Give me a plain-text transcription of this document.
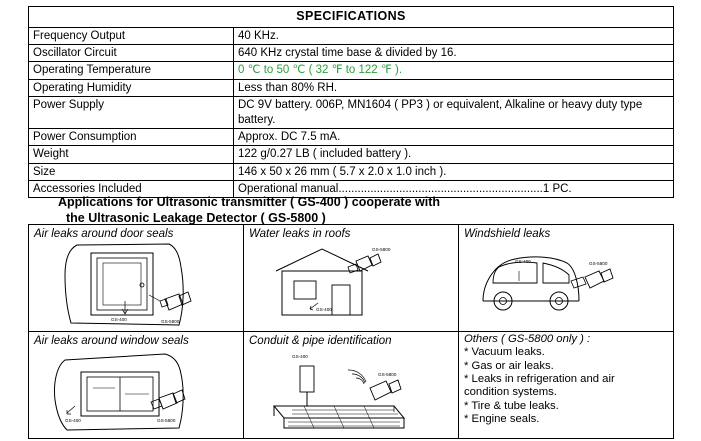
SPECIFICATIONS	
Frequency Output	40 KHz.
Oscillator Circuit	640 KHz crystal time base & divided by 16.
Operating Temperature	0 ℃ to 50 ℃ ( 32 ℉ to 122 ℉ ).
Operating Humidity	Less than 80% RH.
Power Supply	DC 9V battery. 006P, MN1604 ( PP3 ) or equivalent, Alkaline or heavy duty type battery.
Power Consumption	Approx. DC 7.5 mA.
Weight	122 g/0.27 LB ( included battery ).
Size	146 x 50 x 26 mm ( 5.7 x 2.0 x 1.0 inch ).
Accessories Included	Operational manual................................................................1 PC.
Applications for Ultrasonic transmitter ( GS-400 ) cooperate with
the Ultrasonic Leakage Detector ( GS-5800 )
Air leaks around door seals
GS-400 GS-5800	Water leaks in roofs
GS-5800
GS-400	Windshield leaks
GS-400 GS-5800

Air leaks around window seals
GS-400	GS-5800

Conduit & pipe identification
GS-400
GS-5800

Others ( GS-5800 only ) :
* Vacuum leaks.
* Gas or air leaks.
* Leaks in refrigeration and air
condition systems.
* Tire & tube leaks.
* Engine seals.
